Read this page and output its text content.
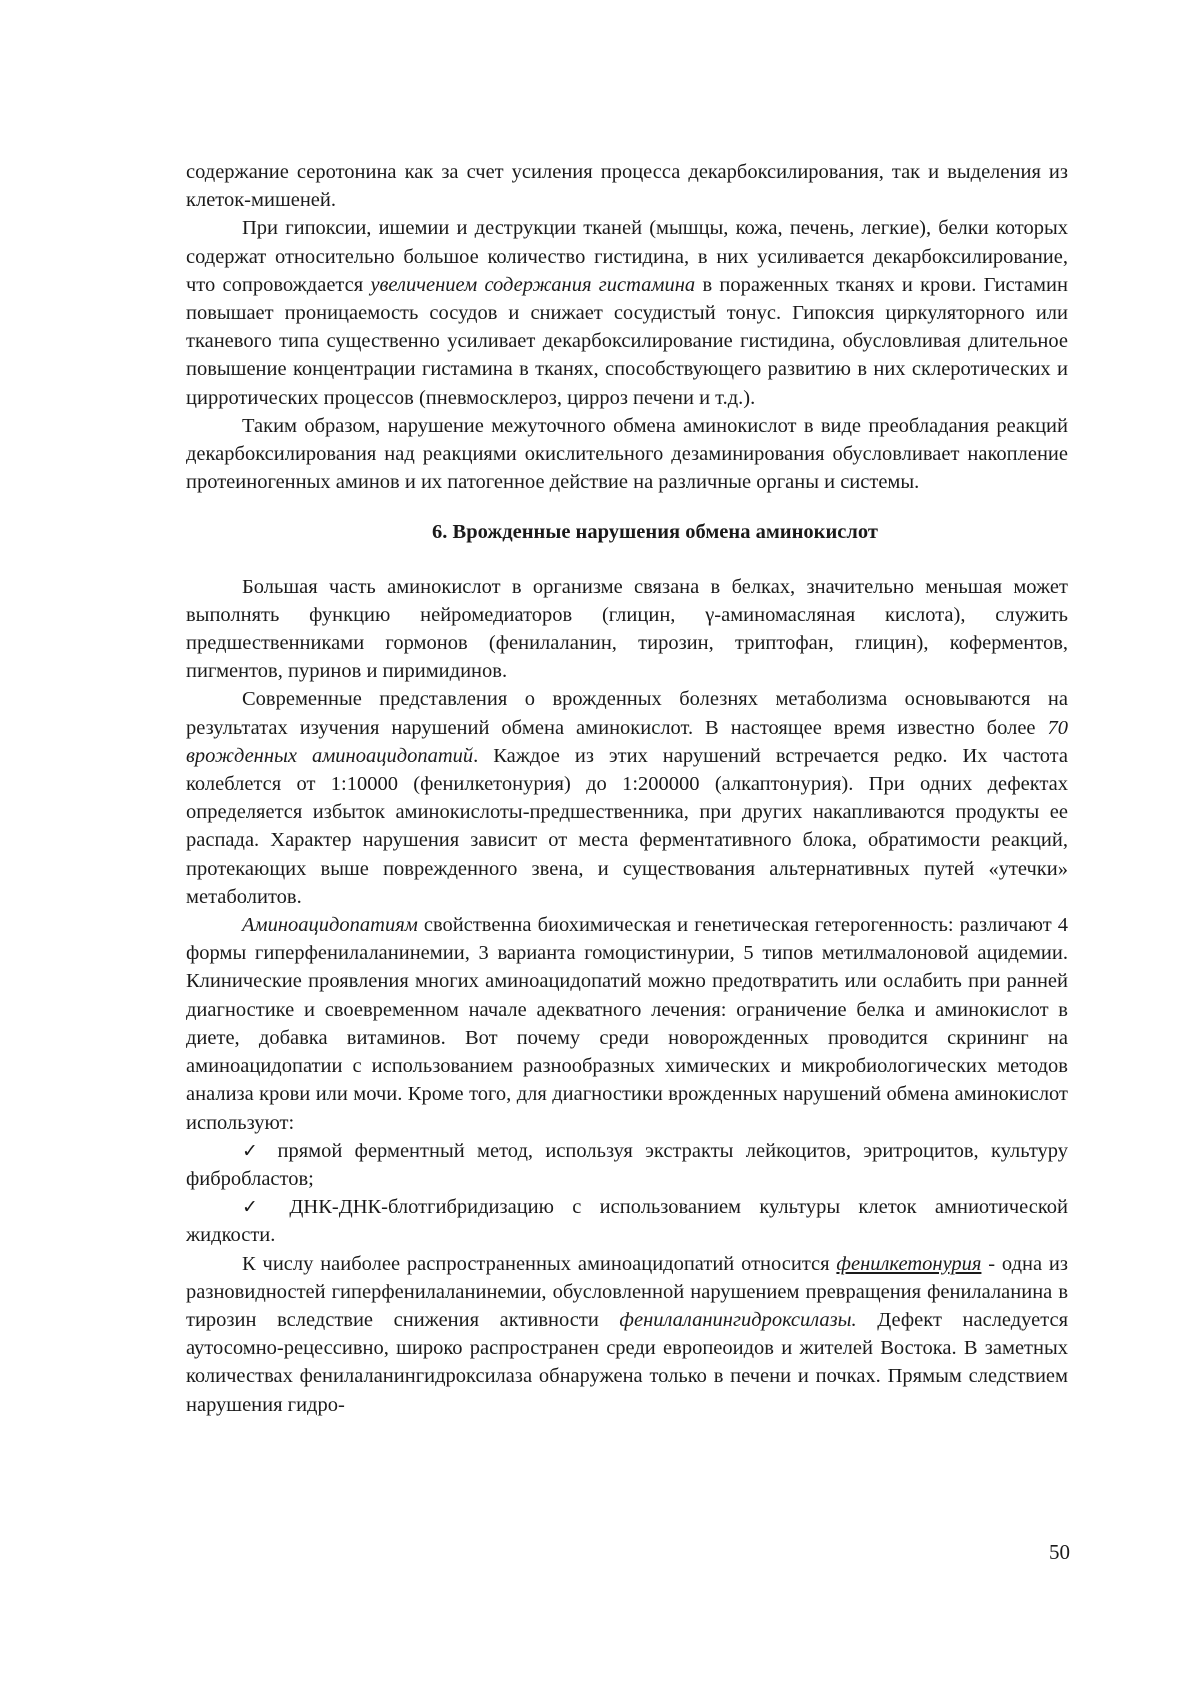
содержание серотонина как за счет усиления процесса декарбоксилирования, так и выделения из клеток-мишеней.

При гипоксии, ишемии и деструкции тканей (мышцы, кожа, печень, легкие), белки которых содержат относительно большое количество гистидина, в них усиливается декарбоксилирование, что сопровождается увеличением содержания гистамина в пораженных тканях и крови. Гистамин повышает проницаемость сосудов и снижает сосудистый тонус. Гипоксия циркуляторного или тканевого типа существенно усиливает декарбоксилирование гистидина, обусловливая длительное повышение концентрации гистамина в тканях, способствующего развитию в них склеротических и цирротических процессов (пневмосклероз, цирроз печени и т.д.).

Таким образом, нарушение межуточного обмена аминокислот в виде преобладания реакций декарбоксилирования над реакциями окислительного дезаминирования обусловливает накопление протеиногенных аминов и их патогенное действие на различные органы и системы.

6. Врожденные нарушения обмена аминокислот

Большая часть аминокислот в организме связана в белках, значительно меньшая может выполнять функцию нейромедиаторов (глицин, γ-аминомасляная кислота), служить предшественниками гормонов (фенилаланин, тирозин, триптофан, глицин), коферментов, пигментов, пуринов и пиримидинов.

Современные представления о врожденных болезнях метаболизма основываются на результатах изучения нарушений обмена аминокислот. В настоящее время известно более 70 врожденных аминоацидопатий. Каждое из этих нарушений встречается редко. Их частота колеблется от 1:10000 (фенилкетонурия) до 1:200000 (алкаптонурия). При одних дефектах определяется избыток аминокислоты-предшественника, при других накапливаются продукты ее распада. Характер нарушения зависит от места ферментативного блока, обратимости реакций, протекающих выше поврежденного звена, и существования альтернативных путей «утечки» метаболитов.

Аминоацидопатиям свойственна биохимическая и генетическая гетерогенность: различают 4 формы гиперфенилаланинемии, 3 варианта гомоцистинурии, 5 типов метилмалоновой ацидемии. Клинические проявления многих аминоацидопатий можно предотвратить или ослабить при ранней диагностике и своевременном начале адекватного лечения: ограничение белка и аминокислот в диете, добавка витаминов. Вот почему среди новорожденных проводится скрининг на аминоацидопатии с использованием разнообразных химических и микробиологических методов анализа крови или мочи. Кроме того, для диагностики врожденных нарушений обмена аминокислот используют:

✓ прямой ферментный метод, используя экстракты лейкоцитов, эритроцитов, культуру фибробластов;

✓ ДНК-ДНК-блотгибридизацию с использованием культуры клеток амниотической жидкости.

К числу наиболее распространенных аминоацидопатий относится фенилкетонурия - одна из разновидностей гиперфенилаланинемии, обусловленной нарушением превращения фенилаланина в тирозин вследствие снижения активности фенилаланингидроксилазы. Дефект наследуется аутосомно-рецессивно, широко распространен среди европеоидов и жителей Востока. В заметных количествах фенилаланингидроксилаза обнаружена только в печени и почках. Прямым следствием нарушения гидро-

50
